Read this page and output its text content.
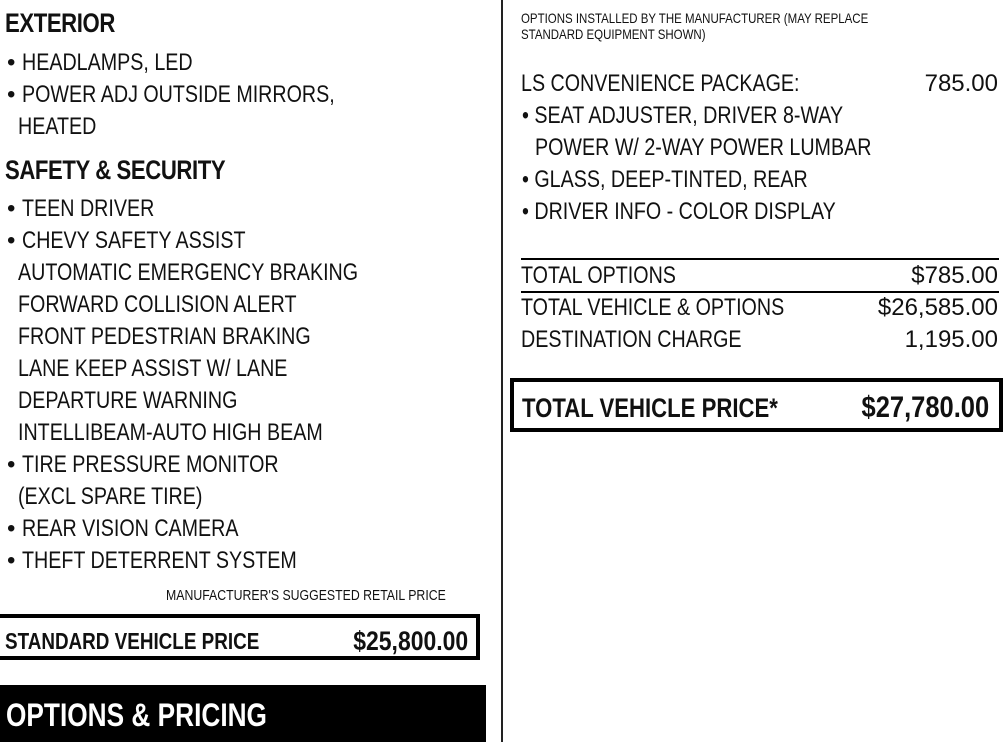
EXTERIOR
• HEADLAMPS, LED
• POWER ADJ OUTSIDE MIRRORS,
HEATED
SAFETY & SECURITY
• TEEN DRIVER
• CHEVY SAFETY ASSIST
AUTOMATIC EMERGENCY BRAKING
FORWARD COLLISION ALERT
FRONT PEDESTRIAN BRAKING
LANE KEEP ASSIST W/ LANE
DEPARTURE WARNING
INTELLIBEAM-AUTO HIGH BEAM
• TIRE PRESSURE MONITOR
(EXCL SPARE TIRE)
• REAR VISION CAMERA
• THEFT DETERRENT SYSTEM
MANUFACTURER'S SUGGESTED RETAIL PRICE
STANDARD VEHICLE PRICE	$25,800.00
OPTIONS & PRICING
OPTIONS INSTALLED BY THE MANUFACTURER (MAY REPLACE
STANDARD EQUIPMENT SHOWN)
LS CONVENIENCE PACKAGE:	785.00
• SEAT ADJUSTER, DRIVER 8-WAY
POWER W/ 2-WAY POWER LUMBAR
• GLASS, DEEP-TINTED, REAR
• DRIVER INFO - COLOR DISPLAY
TOTAL OPTIONS	$785.00
TOTAL VEHICLE & OPTIONS	$26,585.00
DESTINATION CHARGE	1,195.00
TOTAL VEHICLE PRICE*	$27,780.00
